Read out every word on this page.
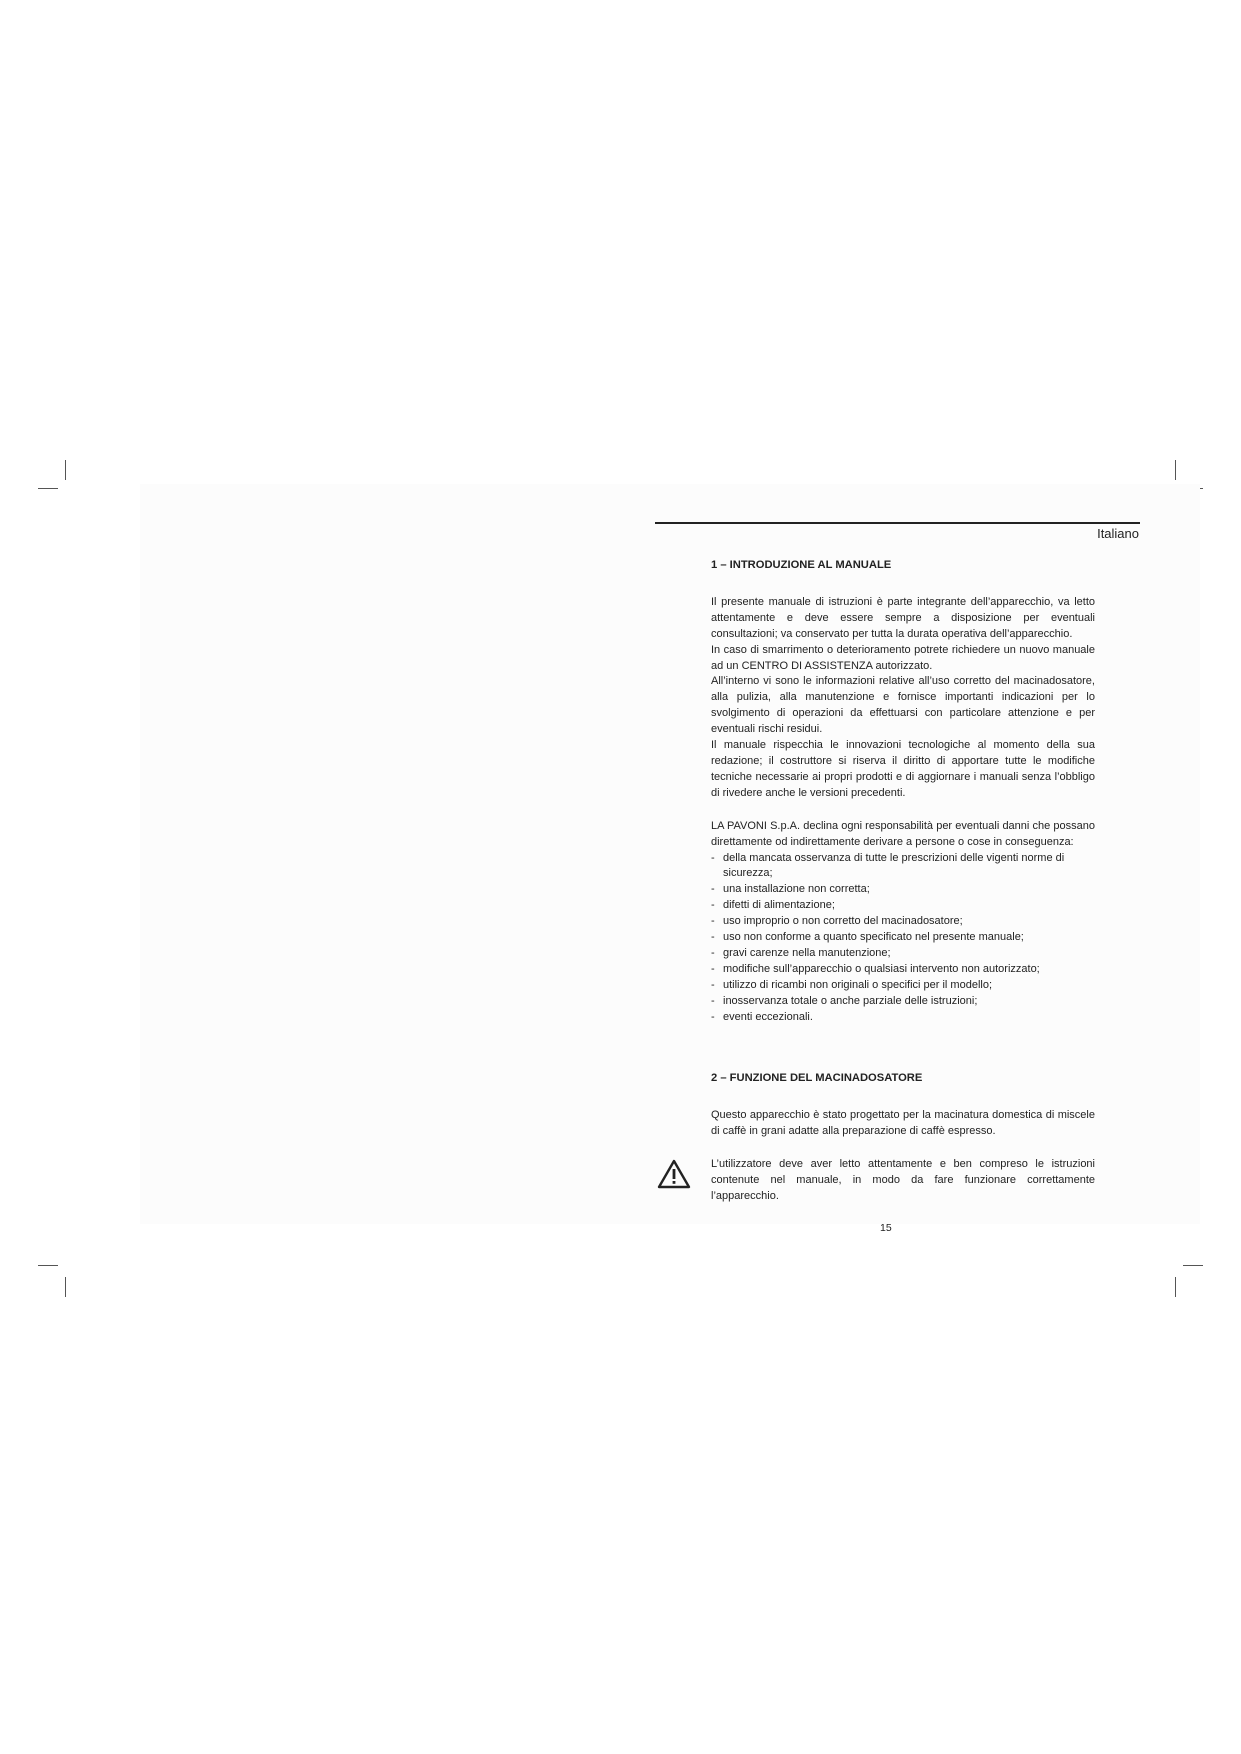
Italiano
1 – INTRODUZIONE AL MANUALE

Il presente manuale di istruzioni è parte integrante dell’apparecchio, va letto attentamente e deve essere sempre a disposizione per eventuali consultazioni; va conservato per tutta la durata operativa dell’apparecchio.

In caso di smarrimento o deterioramento potrete richiedere un nuovo manuale ad un CENTRO DI ASSISTENZA autorizzato.

All’interno vi sono le informazioni relative all’uso corretto del macinadosatore, alla pulizia, alla manutenzione e fornisce importanti indicazioni per lo svolgimento di operazioni da effettuarsi con particolare attenzione e per eventuali rischi residui.

Il manuale rispecchia le innovazioni tecnologiche al momento della sua redazione; il costruttore si riserva il diritto di apportare tutte le modifiche tecniche necessarie ai propri prodotti e di aggiornare i manuali senza l’obbligo di rivedere anche le versioni precedenti.

LA PAVONI S.p.A. declina ogni responsabilità per eventuali danni che possano direttamente od indirettamente derivare a persone o cose in conseguenza:

- della mancata osservanza di tutte le prescrizioni delle vigenti norme di sicurezza;
- una installazione non corretta;
- difetti di alimentazione;
- uso improprio o non corretto del macinadosatore;
- uso non conforme a quanto specificato nel presente manuale;
- gravi carenze nella manutenzione;
- modifiche sull’apparecchio o qualsiasi intervento non autorizzato;
- utilizzo di ricambi non originali o specifici per il modello;
- inosservanza totale o anche parziale delle istruzioni;
- eventi eccezionali.
2 – FUNZIONE DEL MACINADOSATORE

Questo apparecchio è stato progettato per la macinatura domestica di miscele di caffè in grani adatte alla preparazione di caffè espresso.

L’utilizzatore deve aver letto attentamente e ben compreso le istruzioni contenute nel manuale, in modo da fare funzionare correttamente l’apparecchio.

15
